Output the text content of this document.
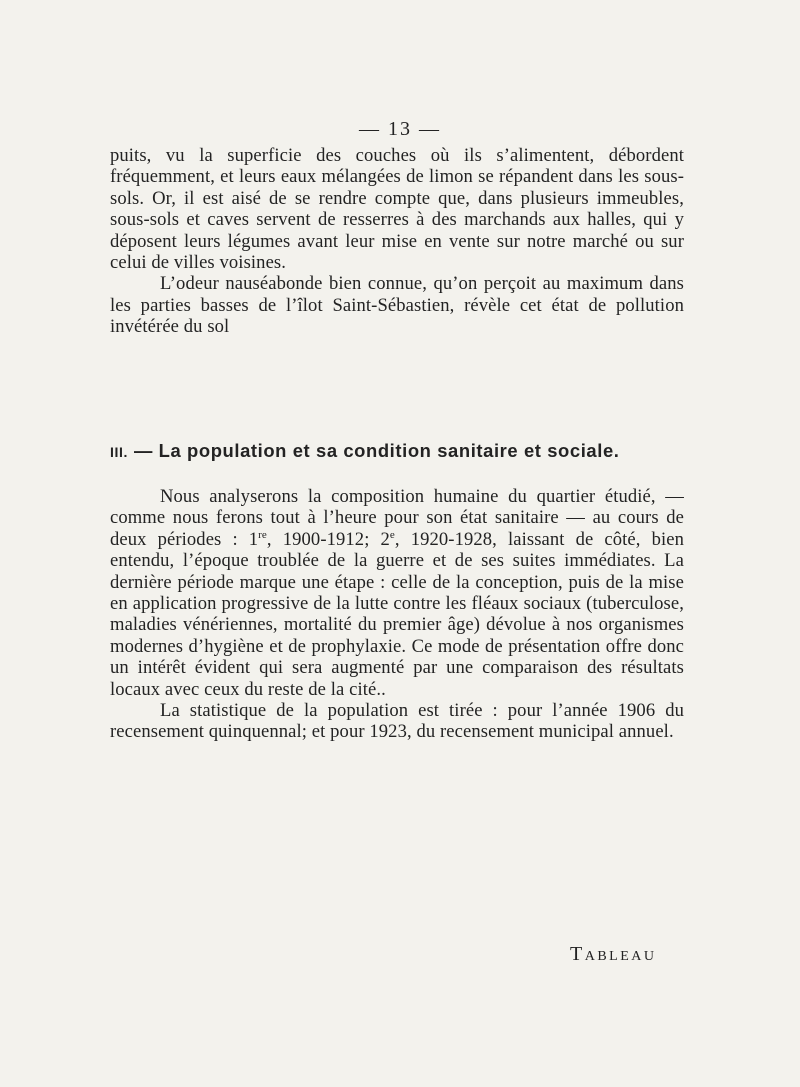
— 13 —

puits, vu la superficie des couches où ils s’alimentent, débordent fréquemment, et leurs eaux mélangées de limon se répandent dans les sous-sols. Or, il est aisé de se rendre compte que, dans plusieurs immeubles, sous-sols et caves servent de resserres à des marchands aux halles, qui y déposent leurs légumes avant leur mise en vente sur notre marché ou sur celui de villes voisines.

L’odeur nauséabonde bien connue, qu’on perçoit au maximum dans les parties basses de l’îlot Saint-Sébastien, révèle cet état de pollution invétérée du sol

III. — La population et sa condition sanitaire et sociale.

Nous analyserons la composition humaine du quartier étudié, — comme nous ferons tout à l’heure pour son état sanitaire — au cours de deux périodes : 1re, 1900-1912; 2e, 1920-1928, laissant de côté, bien entendu, l’époque troublée de la guerre et de ses suites immédiates. La dernière période marque une étape : celle de la conception, puis de la mise en application progressive de la lutte contre les fléaux sociaux (tuberculose, maladies vénériennes, mortalité du premier âge) dévolue à nos organismes modernes d’hygiène et de prophylaxie. Ce mode de présentation offre donc un intérêt évident qui sera augmenté par une comparaison des résultats locaux avec ceux du reste de la cité..

La statistique de la population est tirée : pour l’année 1906 du recensement quinquennal; et pour 1923, du recensement municipal annuel.

Tableau
